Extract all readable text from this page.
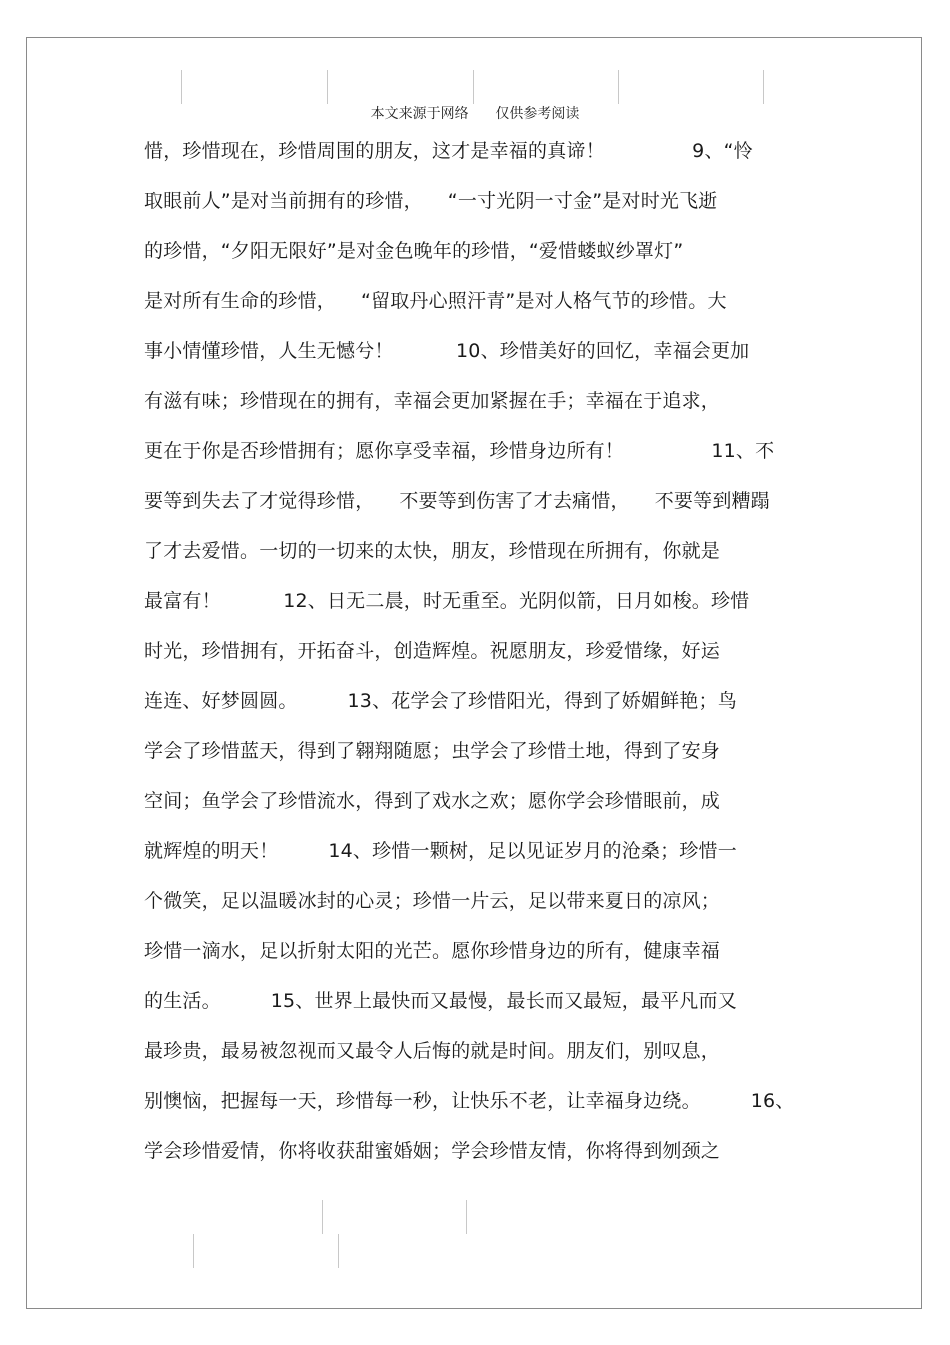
本文来源于网络      仅供参考阅读
惜，珍惜现在，珍惜周围的朋友，这才是幸福的真谛！              9、“怜
取眼前人”是对当前拥有的珍惜，    “一寸光阴一寸金”是对时光飞逝
的珍惜，“夕阳无限好”是对金色晚年的珍惜，“爱惜蝼蚁纱罩灯”
是对所有生命的珍惜，    “留取丹心照汗青”是对人格气节的珍惜。大
事小情懂珍惜，人生无憾兮！          10、珍惜美好的回忆，幸福会更加
有滋有味；珍惜现在的拥有，幸福会更加紧握在手；幸福在于追求，
更在于你是否珍惜拥有；愿你享受幸福，珍惜身边所有！              11、不
要等到失去了才觉得珍惜，    不要等到伤害了才去痛惜，    不要等到糟蹋
了才去爱惜。一切的一切来的太快，朋友，珍惜现在所拥有，你就是
最富有！          12、日无二晨，时无重至。光阴似箭，日月如梭。珍惜
时光，珍惜拥有，开拓奋斗，创造辉煌。祝愿朋友，珍爱惜缘，好运
连连、好梦圆圆。        13、花学会了珍惜阳光，得到了娇媚鲜艳；鸟
学会了珍惜蓝天，得到了翱翔随愿；虫学会了珍惜土地，得到了安身
空间；鱼学会了珍惜流水，得到了戏水之欢；愿你学会珍惜眼前，成
就辉煌的明天！        14、珍惜一颗树，足以见证岁月的沧桑；珍惜一
个微笑，足以温暖冰封的心灵；珍惜一片云，足以带来夏日的凉风；
珍惜一滴水，足以折射太阳的光芒。愿你珍惜身边的所有，健康幸福
的生活。        15、世界上最快而又最慢，最长而又最短，最平凡而又
最珍贵，最易被忽视而又最令人后悔的就是时间。朋友们，别叹息，
别懊恼，把握每一天，珍惜每一秒，让快乐不老，让幸福身边绕。        16、
学会珍惜爱情，你将收获甜蜜婚姻；学会珍惜友情，你将得到刎颈之
